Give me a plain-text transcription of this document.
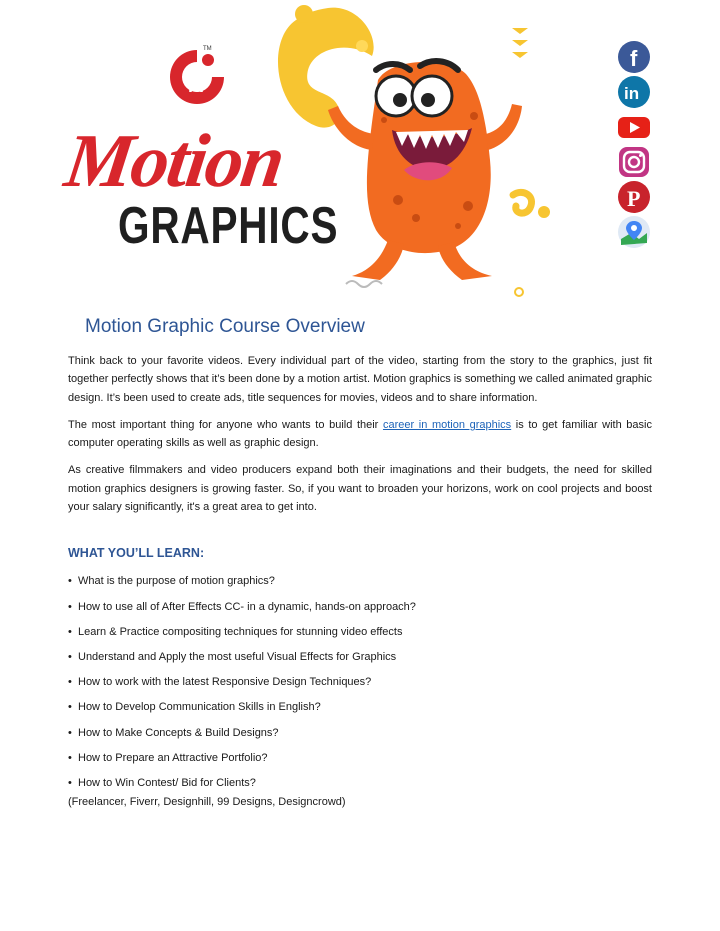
iti
TM
Motion
GRAPHICS
f
in
P
Motion Graphic Course Overview

Think back to your favorite videos. Every individual part of the video, starting from the story to the graphics, just fit together perfectly shows that it’s been done by a motion artist. Motion graphics is something we called animated graphic design. It’s been used to create ads, title sequences for movies, videos and to share information.

The most important thing for anyone who wants to build their career in motion graphics is to get familiar with basic computer operating skills as well as graphic design.

As creative filmmakers and video producers expand both their imaginations and their budgets, the need for skilled motion graphics designers is growing faster. So, if you want to broaden your horizons, work on cool projects and boost your salary significantly, it's a great area to get into.

WHAT YOU’LL LEARN:
• What is the purpose of motion graphics?
• How to use all of After Effects CC- in a dynamic, hands-on approach?
• Learn & Practice compositing techniques for stunning video effects
• Understand and Apply the most useful Visual Effects for Graphics
• How to work with the latest Responsive Design Techniques?
• How to Develop Communication Skills in English?
• How to Make Concepts & Build Designs?
• How to Prepare an Attractive Portfolio?
• How to Win Contest/ Bid for Clients?
(Freelancer, Fiverr, Designhill, 99 Designs, Designcrowd)
